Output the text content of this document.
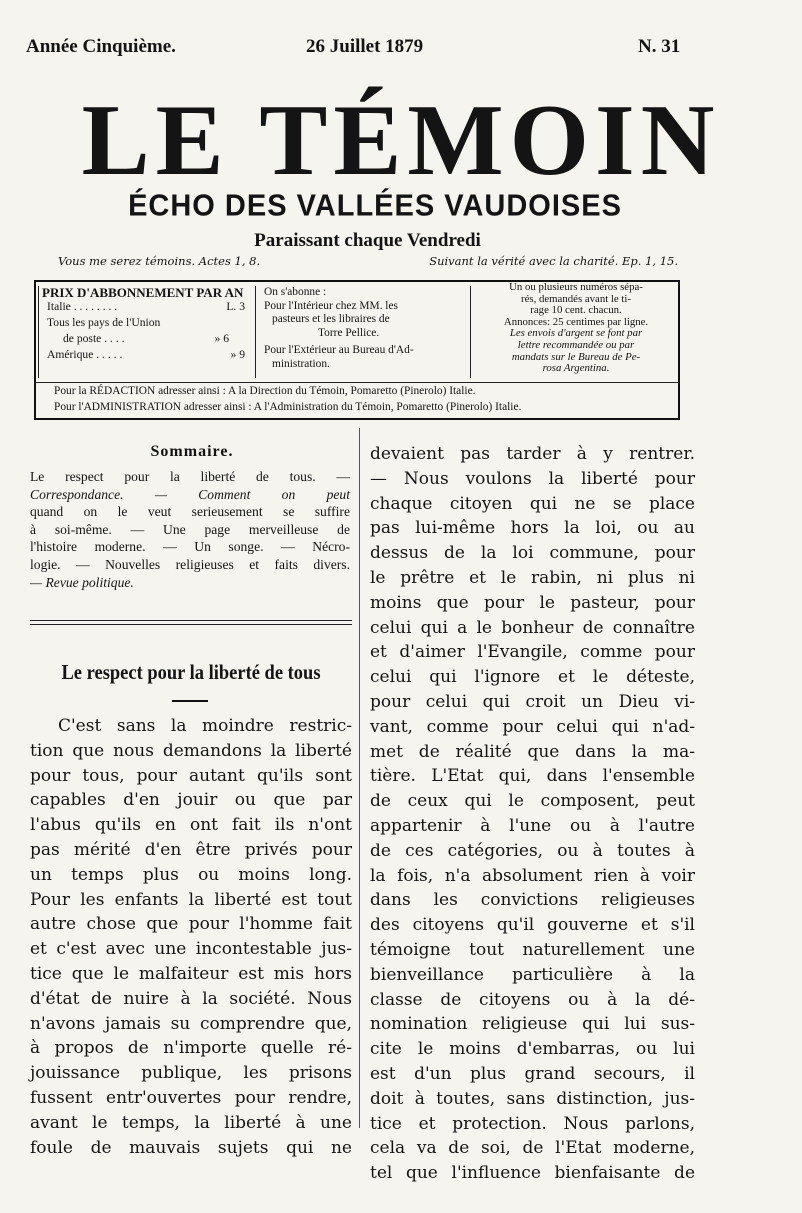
Année Cinquième.	26 Juillet 1879	N. 31
LE TÉMOIN
ÉCHO DES VALLÉES VAUDOISES
Paraissant chaque Vendredi
Vous me serez témoins. Actes 1, 8.	Suivant la vérité avec la charité. Ep. 1, 15.
PRIX D'ABBONNEMENT PAR AN
Italie . . . . . . . .	L. 3
Tous les pays de l'Union
de poste . . . .	» 6
Amérique . . . . .	» 9
On s'abonne :
Pour l'Intérieur chez MM. les
pasteurs et les libraires de
Torre Pellice.
Pour l'Extérieur au Bureau d'Ad-
ministration.
Un ou plusieurs numéros sépa-
rés, demandés avant le ti-
rage 10 cent. chacun.
Annonces: 25 centimes par ligne.
Les envois d'argent se font par
lettre recommandée ou par
mandats sur le Bureau de Pe-
rosa Argentina.
Pour la RÉDACTION adresser ainsi : A la Direction du Témoin, Pomaretto (Pinerolo) Italie.
Pour l'ADMINISTRATION adresser ainsi : A l'Administration du Témoin, Pomaretto (Pinerolo) Italie.
Sommaire.
Le respect pour la liberté de tous. —
Correspondance. — Comment on peut
quand on le veut serieusement se suffire
à soi-même. — Une page merveilleuse de
l'histoire moderne. — Un songe. — Nécro-
logie. — Nouvelles religieuses et faits divers.
— Revue politique.
Le respect pour la liberté de tous
C'est sans la moindre restric-
tion que nous demandons la liberté
pour tous, pour autant qu'ils sont
capables d'en jouir ou que par
l'abus qu'ils en ont fait ils n'ont
pas mérité d'en être privés pour
un temps plus ou moins long.
Pour les enfants la liberté est tout
autre chose que pour l'homme fait
et c'est avec une incontestable jus-
tice que le malfaiteur est mis hors
d'état de nuire à la société. Nous
n'avons jamais su comprendre que,
à propos de n'importe quelle ré-
jouissance publique, les prisons
fussent entr'ouvertes pour rendre,
avant le temps, la liberté à une
foule de mauvais sujets qui ne
devaient pas tarder à y rentrer.
— Nous voulons la liberté pour
chaque citoyen qui ne se place
pas lui-même hors la loi, ou au
dessus de la loi commune, pour
le prêtre et le rabin, ni plus ni
moins que pour le pasteur, pour
celui qui a le bonheur de connaître
et d'aimer l'Evangile, comme pour
celui qui l'ignore et le déteste,
pour celui qui croit un Dieu vi-
vant, comme pour celui qui n'ad-
met de réalité que dans la ma-
tière. L'Etat qui, dans l'ensemble
de ceux qui le composent, peut
appartenir à l'une ou à l'autre
de ces catégories, ou à toutes à
la fois, n'a absolument rien à voir
dans les convictions religieuses
des citoyens qu'il gouverne et s'il
témoigne tout naturellement une
bienveillance particulière à la
classe de citoyens ou à la dé-
nomination religieuse qui lui sus-
cite le moins d'embarras, ou lui
est d'un plus grand secours, il
doit à toutes, sans distinction, jus-
tice et protection. Nous parlons,
cela va de soi, de l'Etat moderne,
tel que l'influence bienfaisante de
